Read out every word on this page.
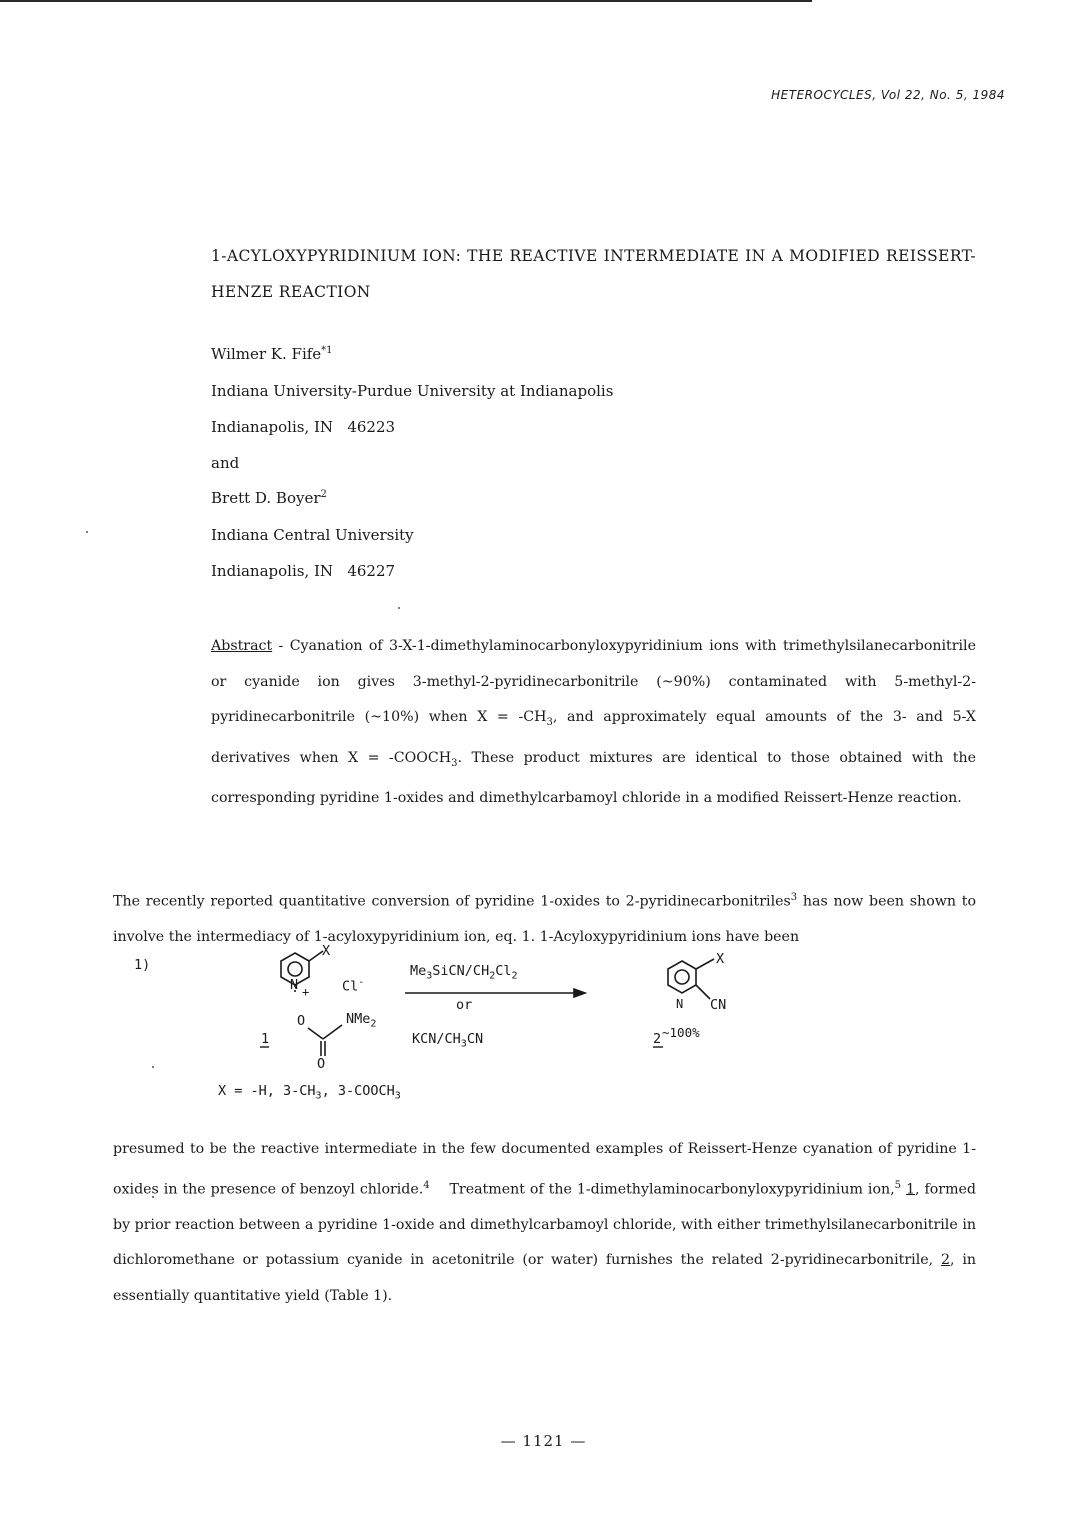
HETEROCYCLES, Vol 22, No. 5, 1984
1-ACYLOXYPYRIDINIUM ION: THE REACTIVE INTERMEDIATE IN A MODIFIED REISSERT-HENZE REACTION
Wilmer K. Fife$^{*1}$
Indiana University-Purdue University at Indianapolis
Indianapolis, IN   46223
and
Brett D. Boyer$^2$
Indiana Central University
Indianapolis, IN   46227
Abstract - Cyanation of 3-X-1-dimethylaminocarbonyloxypyridinium ions with trimethylsilanecarbonitrile or cyanide ion gives 3-methyl-2-pyridinecarbonitrile (~90%) contaminated with 5-methyl-2-pyridinecarbonitrile (~10%) when $X = -CH_3$, and approximately equal amounts of the 3- and 5-X derivatives when $X = -COOCH_3$. These product mixtures are identical to those obtained with the corresponding pyridine 1-oxides and dimethylcarbamoyl chloride in a modified Reissert-Henze reaction.
The recently reported quantitative conversion of pyridine 1-oxides to 2-pyridinecarbonitriles$^3$ has now been shown to involve the intermediacy of 1-acyloxypyridinium ion, eq. 1. 1-Acyloxypyridinium ions have been
1)
X
N + Cl-
O	NMe$_2$
O
1
$Me_3SiCN/CH_2Cl_2$
or
KCN/$CH_3CN$
X
N CN
2 ~100%
X = -H, $3-CH_3$, $3-COOCH_3$
presumed to be the reactive intermediate in the few documented examples of Reissert-Henze cyanation of pyridine 1-oxides in the presence of benzoyl chloride.$^4$    Treatment of the 1-dimethylaminocarbonyloxypyridinium ion,$^5$ 1, formed by prior reaction between a pyridine 1-oxide and dimethylcarbamoyl chloride, with either trimethylsilanecarbonitrile in dichloromethane or potassium cyanide in acetonitrile (or water) furnishes the related 2-pyridinecarbonitrile, 2, in essentially quantitative yield (Table 1).
— 1121 —
